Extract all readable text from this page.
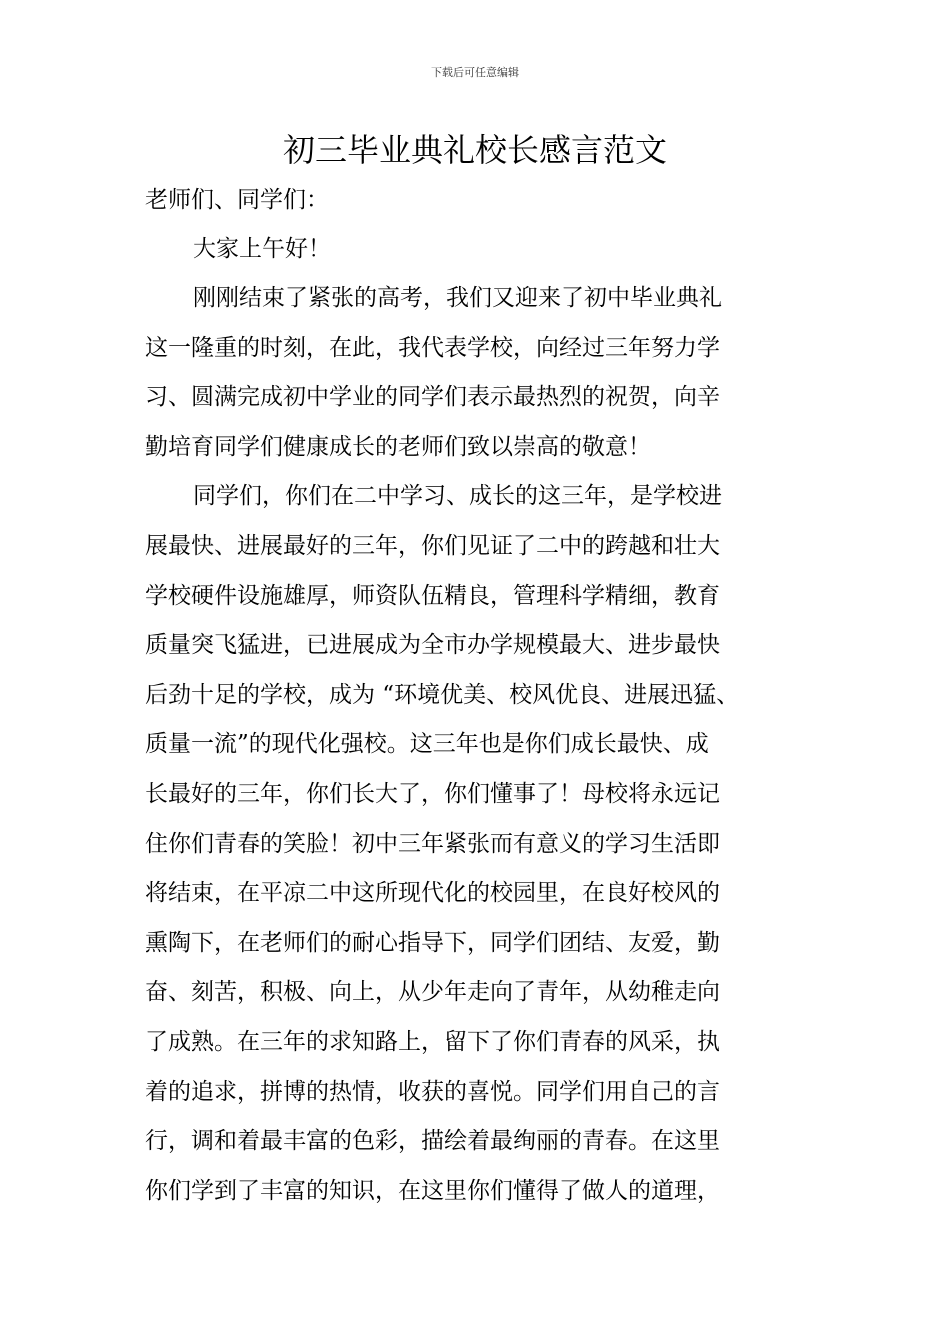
下载后可任意编辑
初三毕业典礼校长感言范文

老师们、同学们：

大家上午好！

刚刚结束了紧张的高考，我们又迎来了初中毕业典礼
这一隆重的时刻，在此，我代表学校，向经过三年努力学
习、圆满完成初中学业的同学们表示最热烈的祝贺，向辛
勤培育同学们健康成长的老师们致以崇高的敬意！
同学们，你们在二中学习、成长的这三年，是学校进
展最快、进展最好的三年，你们见证了二中的跨越和壮大
学校硬件设施雄厚，师资队伍精良，管理科学精细，教育
质量突飞猛进，已进展成为全市办学规模最大、进步最快
后劲十足的学校，成为 “环境优美、校风优良、进展迅猛、
质量一流”的现代化强校。这三年也是你们成长最快、成
长最好的三年，你们长大了，你们懂事了！母校将永远记
住你们青春的笑脸！初中三年紧张而有意义的学习生活即
将结束，在平凉二中这所现代化的校园里，在良好校风的
熏陶下，在老师们的耐心指导下，同学们团结、友爱，勤
奋、刻苦，积极、向上，从少年走向了青年，从幼稚走向
了成熟。在三年的求知路上，留下了你们青春的风采，执
着的追求，拼博的热情，收获的喜悦。同学们用自己的言
行，调和着最丰富的色彩，描绘着最绚丽的青春。在这里
你们学到了丰富的知识，在这里你们懂得了做人的道理，
